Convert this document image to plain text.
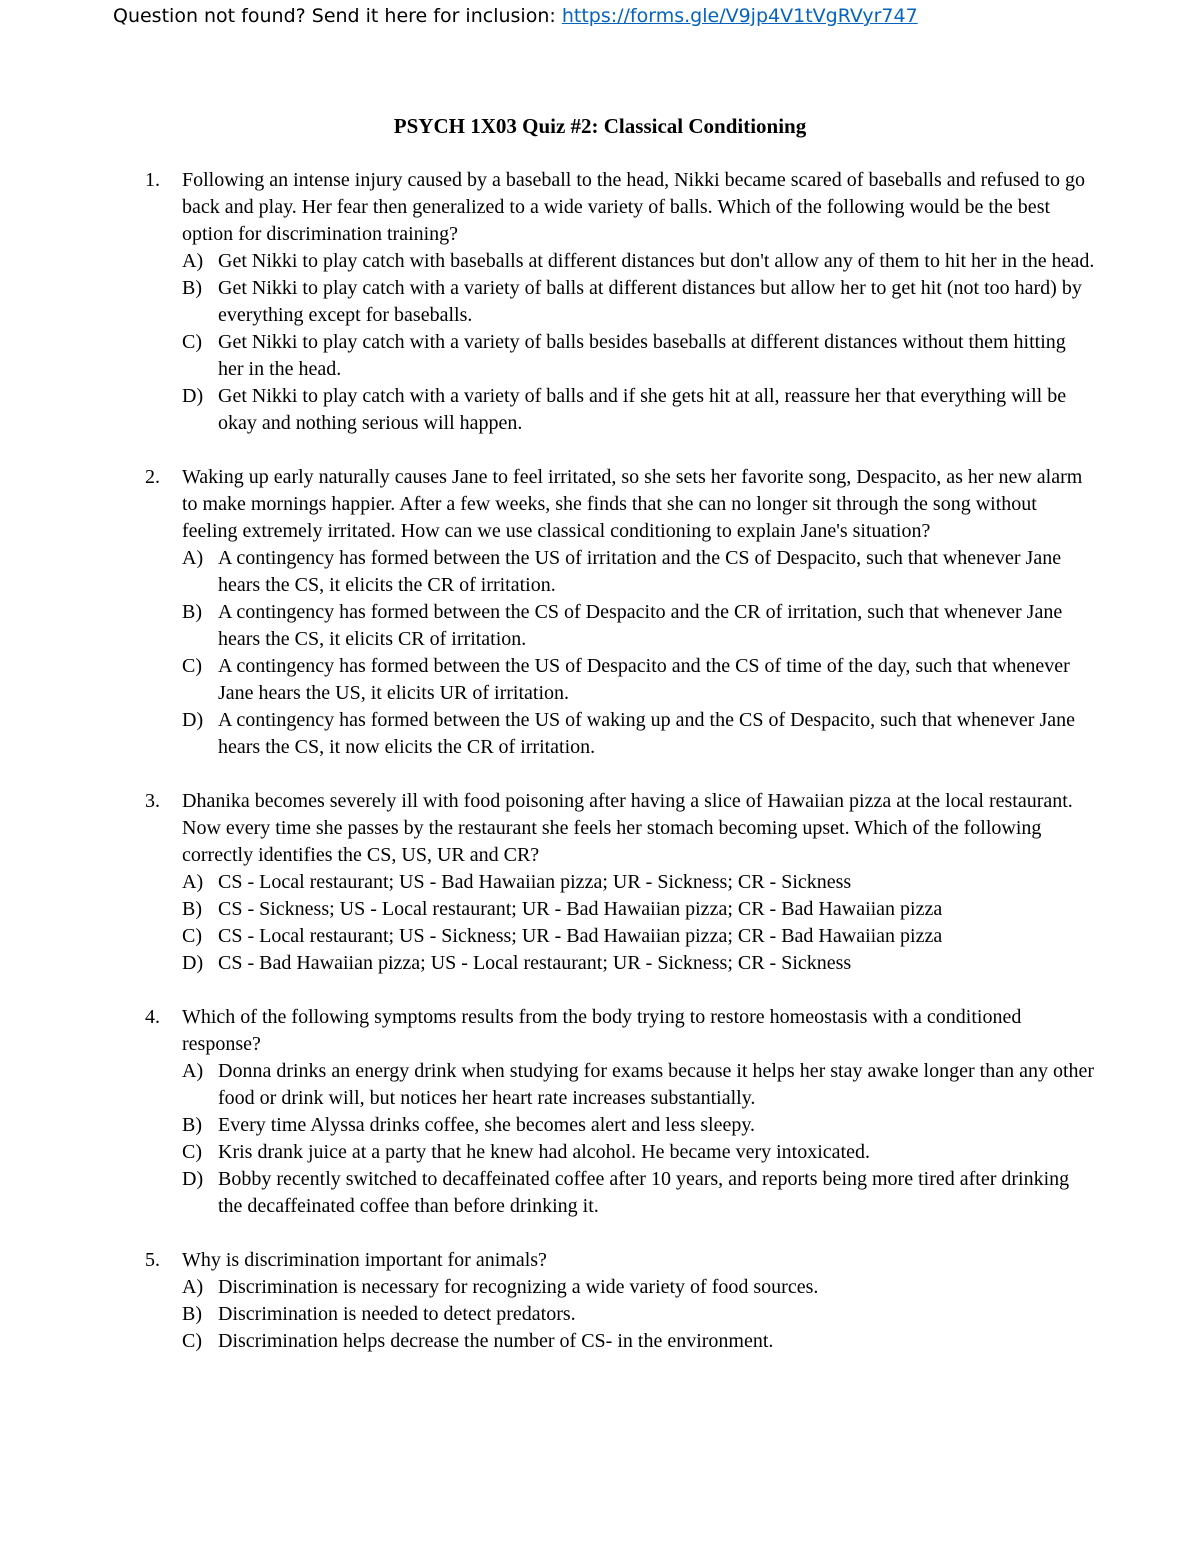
Question not found? Send it here for inclusion: https://forms.gle/V9jp4V1tVgRVyr747
PSYCH 1X03 Quiz #2: Classical Conditioning
1. Following an intense injury caused by a baseball to the head, Nikki became scared of baseballs and refused to go back and play. Her fear then generalized to a wide variety of balls. Which of the following would be the best option for discrimination training?
A) Get Nikki to play catch with baseballs at different distances but don't allow any of them to hit her in the head.
B) Get Nikki to play catch with a variety of balls at different distances but allow her to get hit (not too hard) by everything except for baseballs.
C) Get Nikki to play catch with a variety of balls besides baseballs at different distances without them hitting her in the head.
D) Get Nikki to play catch with a variety of balls and if she gets hit at all, reassure her that everything will be okay and nothing serious will happen.
2. Waking up early naturally causes Jane to feel irritated, so she sets her favorite song, Despacito, as her new alarm to make mornings happier. After a few weeks, she finds that she can no longer sit through the song without feeling extremely irritated. How can we use classical conditioning to explain Jane's situation?
A) A contingency has formed between the US of irritation and the CS of Despacito, such that whenever Jane hears the CS, it elicits the CR of irritation.
B) A contingency has formed between the CS of Despacito and the CR of irritation, such that whenever Jane hears the CS, it elicits CR of irritation.
C) A contingency has formed between the US of Despacito and the CS of time of the day, such that whenever Jane hears the US, it elicits UR of irritation.
D) A contingency has formed between the US of waking up and the CS of Despacito, such that whenever Jane hears the CS, it now elicits the CR of irritation.
3. Dhanika becomes severely ill with food poisoning after having a slice of Hawaiian pizza at the local restaurant. Now every time she passes by the restaurant she feels her stomach becoming upset. Which of the following correctly identifies the CS, US, UR and CR?
A) CS - Local restaurant; US - Bad Hawaiian pizza; UR - Sickness; CR - Sickness
B) CS - Sickness; US - Local restaurant; UR - Bad Hawaiian pizza; CR - Bad Hawaiian pizza
C) CS - Local restaurant; US - Sickness; UR - Bad Hawaiian pizza; CR - Bad Hawaiian pizza
D) CS - Bad Hawaiian pizza; US - Local restaurant; UR - Sickness; CR - Sickness
4. Which of the following symptoms results from the body trying to restore homeostasis with a conditioned response?
A) Donna drinks an energy drink when studying for exams because it helps her stay awake longer than any other food or drink will, but notices her heart rate increases substantially.
B) Every time Alyssa drinks coffee, she becomes alert and less sleepy.
C) Kris drank juice at a party that he knew had alcohol. He became very intoxicated.
D) Bobby recently switched to decaffeinated coffee after 10 years, and reports being more tired after drinking the decaffeinated coffee than before drinking it.
5. Why is discrimination important for animals?
A) Discrimination is necessary for recognizing a wide variety of food sources.
B) Discrimination is needed to detect predators.
C) Discrimination helps decrease the number of CS- in the environment.
